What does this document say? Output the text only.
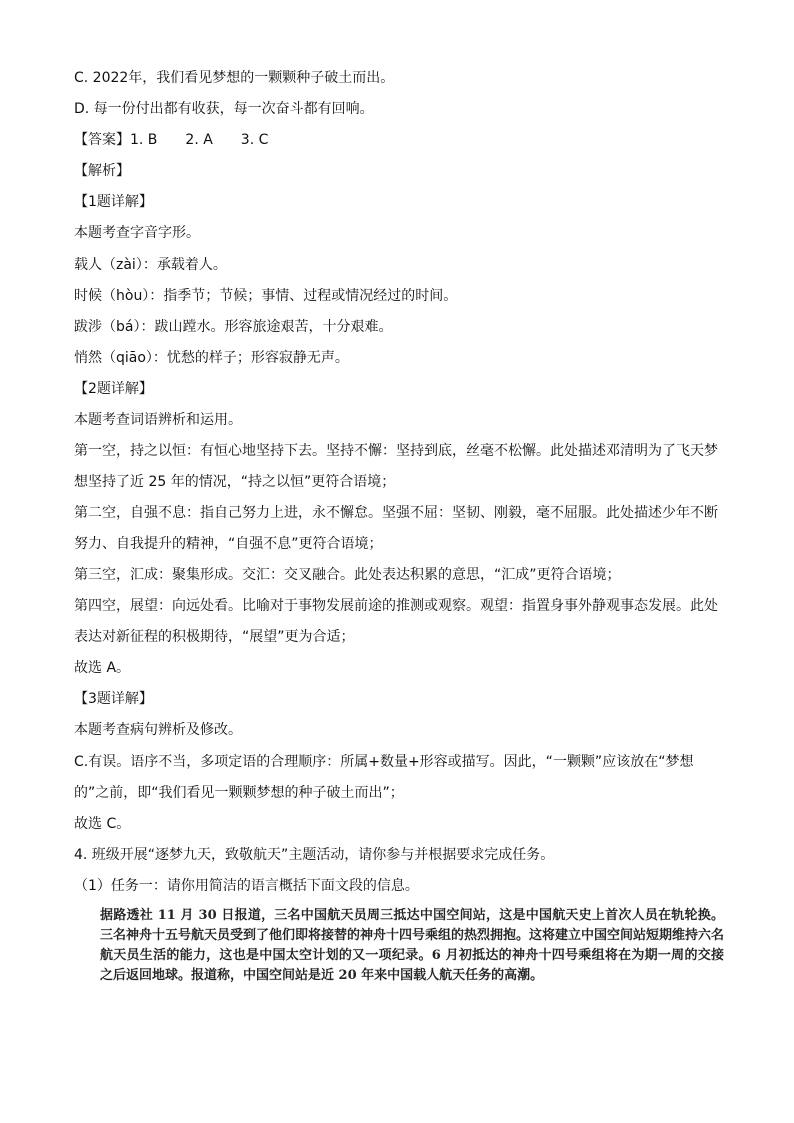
C. 2022年，我们看见梦想的一颗颗种子破土而出。
D. 每一份付出都有收获，每一次奋斗都有回响。
【答案】1. B　　2. A　　3. C
【解析】
【1题详解】
本题考查字音字形。
载人（zài）：承载着人。
时候（hòu）：指季节；节候；事情、过程或情况经过的时间。
跋涉（bá）：跋山蹚水。形容旅途艰苦，十分艰难。
悄然（qiāo）：忧愁的样子；形容寂静无声。
【2题详解】
本题考查词语辨析和运用。
第一空，持之以恒：有恒心地坚持下去。坚持不懈：坚持到底，丝毫不松懈。此处描述邓清明为了飞天梦
想坚持了近 25 年的情况，“持之以恒”更符合语境；
第二空，自强不息：指自己努力上进，永不懈怠。坚强不屈：坚韧、刚毅，毫不屈服。此处描述少年不断
努力、自我提升的精神，“自强不息”更符合语境；
第三空，汇成：聚集形成。交汇：交叉融合。此处表达积累的意思，“汇成”更符合语境；
第四空，展望：向远处看。比喻对于事物发展前途的推测或观察。观望：指置身事外静观事态发展。此处
表达对新征程的积极期待，“展望”更为合适；
故选 A。
【3题详解】
本题考查病句辨析及修改。
C.有误。语序不当，多项定语的合理顺序：所属+数量+形容或描写。因此，“一颗颗”应该放在“梦想
的”之前，即“我们看见一颗颗梦想的种子破土而出”；
故选 C。
4. 班级开展“逐梦九天，致敬航天”主题活动，请你参与并根据要求完成任务。
（1）任务一：请你用简洁的语言概括下面文段的信息。

据路透社 11 月 30 日报道，三名中国航天员周三抵达中国空间站，这是中国航天史上首次人员在轨轮换。三名神舟十五号航天员受到了他们即将接替的神舟十四号乘组的热烈拥抱。这将建立中国空间站短期维持六名航天员生活的能力，这也是中国太空计划的又一项纪录。6 月初抵达的神舟十四号乘组将在为期一周的交接之后返回地球。报道称，中国空间站是近 20 年来中国载人航天任务的高潮。
